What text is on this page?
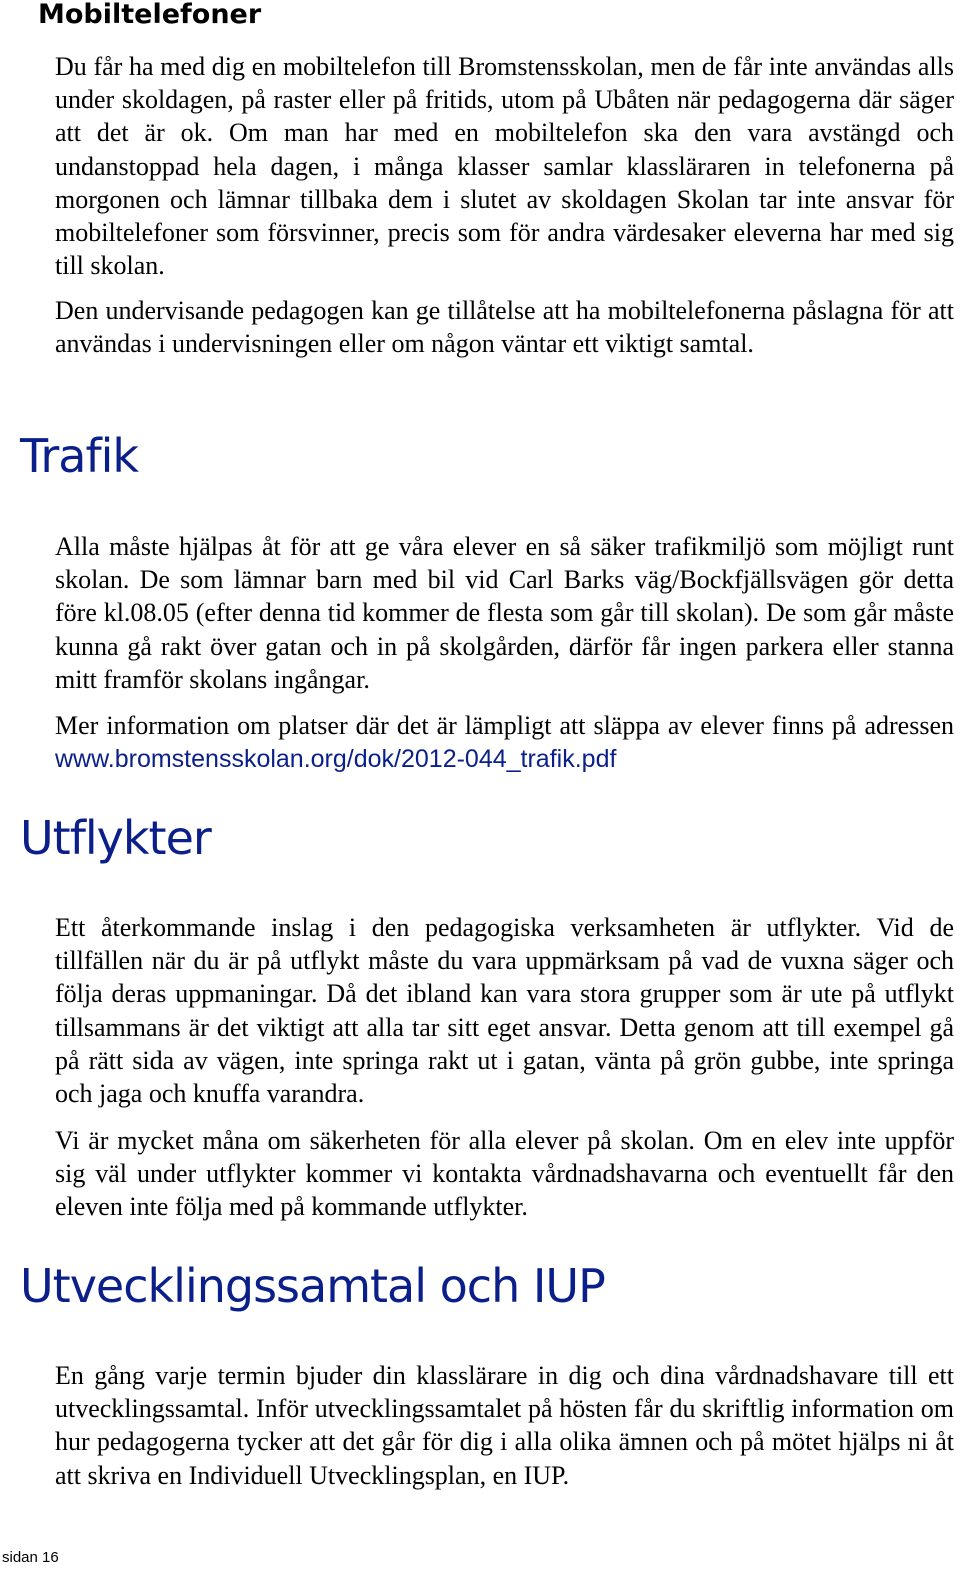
Mobiltelefoner

Du får ha med dig en mobiltelefon till Bromstensskolan, men de får inte användas alls under skoldagen, på raster eller på fritids, utom på Ubåten när pedagogerna där säger att det är ok. Om man har med en mobiltelefon ska den vara avstängd och undanstoppad hela dagen, i många klasser samlar klassläraren in telefonerna på morgonen och lämnar tillbaka dem i slutet av skoldagen Skolan tar inte ansvar för mobiltelefoner som försvinner, precis som för andra värdesaker eleverna har med sig till skolan.

Den undervisande pedagogen kan ge tillåtelse att ha mobiltelefonerna påslagna för att användas i undervisningen eller om någon väntar ett viktigt samtal.

Trafik

Alla måste hjälpas åt för att ge våra elever en så säker trafikmiljö som möjligt runt skolan. De som lämnar barn med bil vid Carl Barks väg/Bockfjällsvägen gör detta före kl.08.05 (efter denna tid kommer de flesta som går till skolan). De som går måste kunna gå rakt över gatan och in på skolgården, därför får ingen parkera eller stanna mitt framför skolans ingångar.

Mer information om platser där det är lämpligt att släppa av elever finns på adressen www.bromstensskolan.org/dok/2012-044_trafik.pdf

Utflykter

Ett återkommande inslag i den pedagogiska verksamheten är utflykter. Vid de tillfällen när du är på utflykt måste du vara uppmärksam på vad de vuxna säger och följa deras uppmaningar. Då det ibland kan vara stora grupper som är ute på utflykt tillsammans är det viktigt att alla tar sitt eget ansvar. Detta genom att till exempel gå på rätt sida av vägen, inte springa rakt ut i gatan, vänta på grön gubbe, inte springa och jaga och knuffa varandra.

Vi är mycket måna om säkerheten för alla elever på skolan. Om en elev inte uppför sig väl under utflykter kommer vi kontakta vårdnadshavarna och eventuellt får den eleven inte följa med på kommande utflykter.

Utvecklingssamtal och IUP

En gång varje termin bjuder din klasslärare in dig och dina vårdnadshavare till ett utvecklingssamtal. Inför utvecklingssamtalet på hösten får du skriftlig information om hur pedagogerna tycker att det går för dig i alla olika ämnen och på mötet hjälps ni åt att skriva en Individuell Utvecklingsplan, en IUP.

sidan 16
